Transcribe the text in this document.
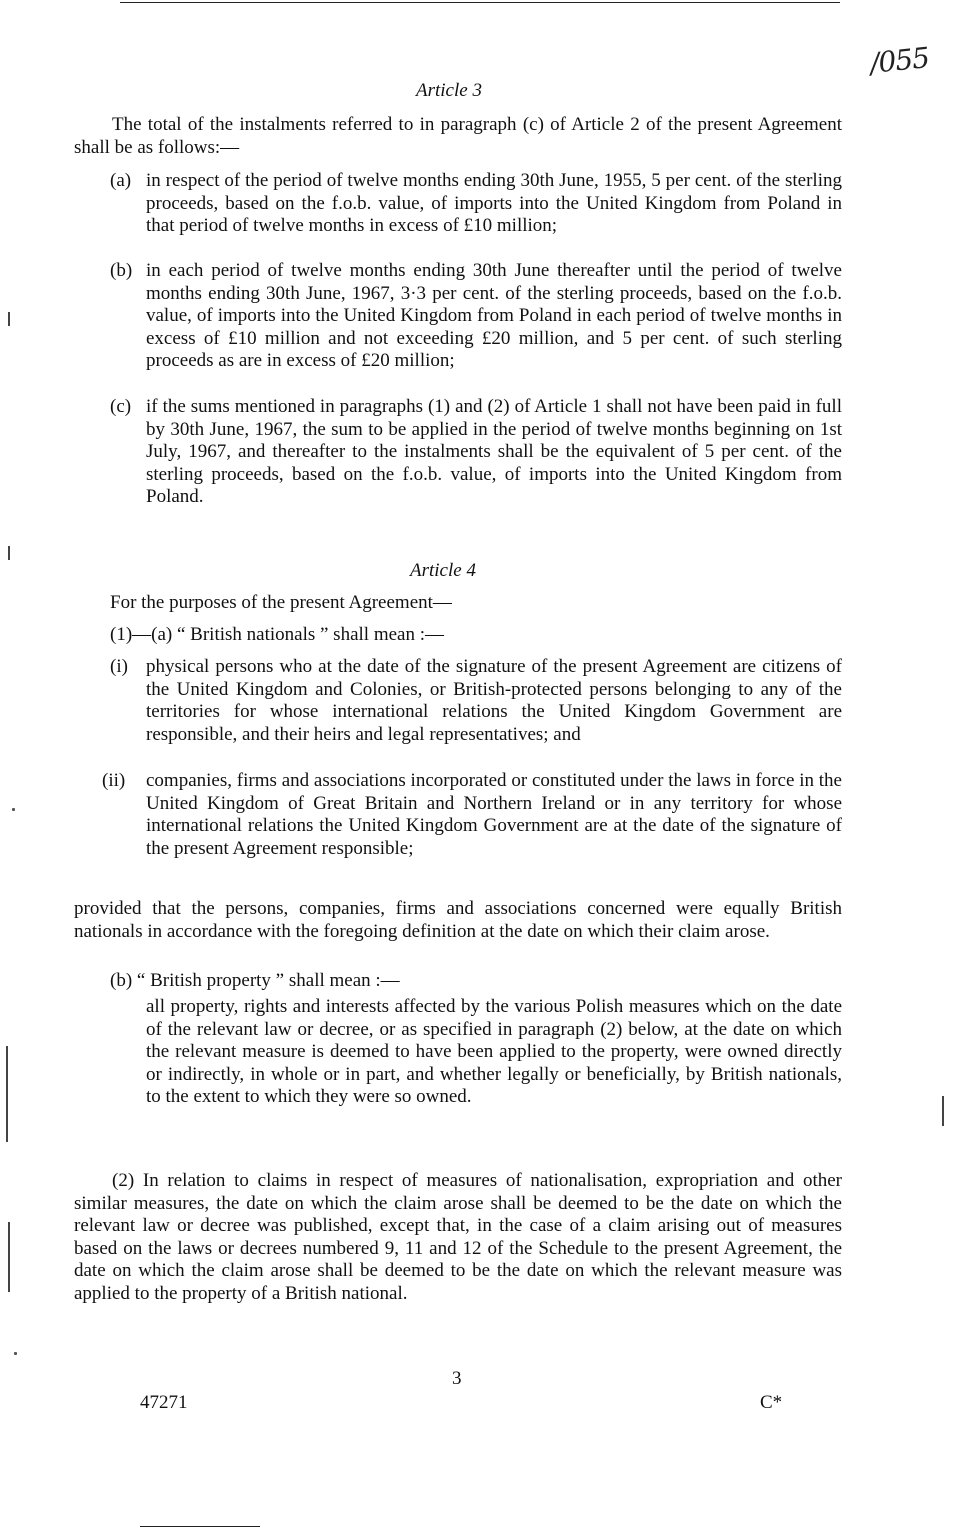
/055
Article 3
The total of the instalments referred to in paragraph (c) of Article 2 of the present Agreement shall be as follows:—
(a) in respect of the period of twelve months ending 30th June, 1955, 5 per cent. of the sterling proceeds, based on the f.o.b. value, of imports into the United Kingdom from Poland in that period of twelve months in excess of £10 million;
(b) in each period of twelve months ending 30th June thereafter until the period of twelve months ending 30th June, 1967, 3·3 per cent. of the sterling proceeds, based on the f.o.b. value, of imports into the United Kingdom from Poland in each period of twelve months in excess of £10 million and not exceeding £20 million, and 5 per cent. of such sterling proceeds as are in excess of £20 million;
(c) if the sums mentioned in paragraphs (1) and (2) of Article 1 shall not have been paid in full by 30th June, 1967, the sum to be applied in the period of twelve months beginning on 1st July, 1967, and thereafter to the instalments shall be the equivalent of 5 per cent. of the sterling proceeds, based on the f.o.b. value, of imports into the United Kingdom from Poland.
Article 4
For the purposes of the present Agreement—
(1)—(a) “ British nationals ” shall mean :—
(i) physical persons who at the date of the signature of the present Agreement are citizens of the United Kingdom and Colonies, or British-protected persons belonging to any of the territories for whose international relations the United Kingdom Government are responsible, and their heirs and legal representatives; and
(ii) companies, firms and associations incorporated or constituted under the laws in force in the United Kingdom of Great Britain and Northern Ireland or in any territory for whose international relations the United Kingdom Government are at the date of the signature of the present Agreement responsible;
provided that the persons, companies, firms and associations concerned were equally British nationals in accordance with the foregoing definition at the date on which their claim arose.
(b) “ British property ” shall mean :—
all property, rights and interests affected by the various Polish measures which on the date of the relevant law or decree, or as specified in paragraph (2) below, at the date on which the relevant measure is deemed to have been applied to the property, were owned directly or indirectly, in whole or in part, and whether legally or beneficially, by British nationals, to the extent to which they were so owned.
(2) In relation to claims in respect of measures of nationalisation, expropriation and other similar measures, the date on which the claim arose shall be deemed to be the date on which the relevant law or decree was published, except that, in the case of a claim arising out of measures based on the laws or decrees numbered 9, 11 and 12 of the Schedule to the present Agreement, the date on which the claim arose shall be deemed to be the date on which the relevant measure was applied to the property of a British national.
3
47271	C*
